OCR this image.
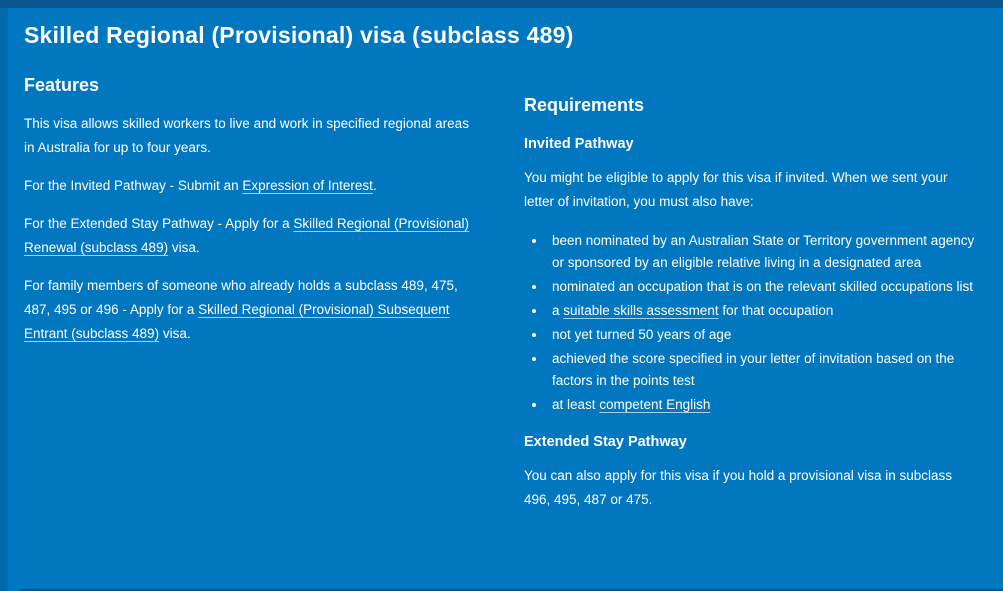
Skilled Regional (Provisional) visa (subclass 489)
Features

This visa allows skilled workers to live and work in specified regional areas in Australia for up to four years.

For the Invited Pathway - Submit an Expression of Interest.

For the Extended Stay Pathway - Apply for a Skilled Regional (Provisional) Renewal (subclass 489) visa.

For family members of someone who already holds a subclass 489, 475, 487, 495 or 496 - Apply for a Skilled Regional (Provisional) Subsequent Entrant (subclass 489) visa.

Requirements
Invited Pathway

You might be eligible to apply for this visa if invited. When we sent your letter of invitation, you must also have:

• been nominated by an Australian State or Territory government agency or sponsored by an eligible relative living in a designated area
• nominated an occupation that is on the relevant skilled occupations list
• a suitable skills assessment for that occupation
• not yet turned 50 years of age
• achieved the score specified in your letter of invitation based on the factors in the points test
• at least competent English
Extended Stay Pathway

You can also apply for this visa if you hold a provisional visa in subclass 496, 495, 487 or 475.
